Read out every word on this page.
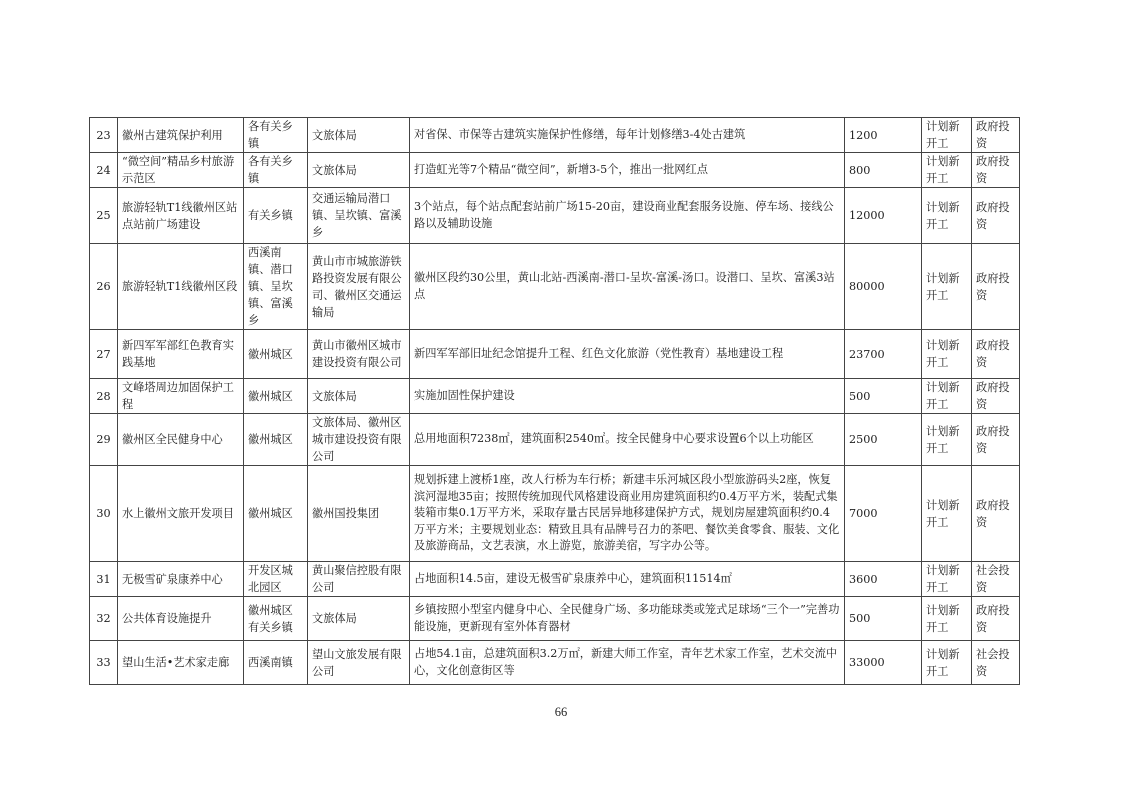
23	徽州古建筑保护利用	各有关乡镇	文旅体局	对省保、市保等古建筑实施保护性修缮，每年计划修缮3-4处古建筑	1200	计划新开工	政府投资
24	“微空间”精品乡村旅游示范区	各有关乡镇	文旅体局	打造虹光等7个精品“微空间”，新增3-5个，推出一批网红点	800	计划新开工	政府投资
25	旅游轻轨T1线徽州区站点站前广场建设	有关乡镇	交通运输局潜口镇、呈坎镇、富溪乡	3个站点，每个站点配套站前广场15-20亩，建设商业配套服务设施、停车场、接线公路以及辅助设施	12000	计划新开工	政府投资
26	旅游轻轨T1线徽州区段	西溪南镇、潜口镇、呈坎镇、富溪乡	黄山市市城旅游铁路投资发展有限公司、徽州区交通运输局	徽州区段约30公里，黄山北站-西溪南-潜口-呈坎-富溪-汤口。设潜口、呈坎、富溪3站点	80000	计划新开工	政府投资
27	新四军军部红色教育实践基地	徽州城区	黄山市徽州区城市建设投资有限公司	新四军军部旧址纪念馆提升工程、红色文化旅游（党性教育）基地建设工程	23700	计划新开工	政府投资
28	文峰塔周边加固保护工程	徽州城区	文旅体局	实施加固性保护建设	500	计划新开工	政府投资
29	徽州区全民健身中心	徽州城区	文旅体局、徽州区城市建设投资有限公司	总用地面积7238㎡，建筑面积2540㎡。按全民健身中心要求设置6个以上功能区	2500	计划新开工	政府投资
30	水上徽州文旅开发项目	徽州城区	徽州国投集团	规划拆建上渡桥1座，改人行桥为车行桥；新建丰乐河城区段小型旅游码头2座，恢复滨河湿地35亩；按照传统加现代风格建设商业用房建筑面积约0.4万平方米，装配式集装箱市集0.1万平方米，采取存量古民居异地移建保护方式，规划房屋建筑面积约0.4万平方米；主要规划业态：精致且具有品牌号召力的茶吧、餐饮美食零食、服装、文化及旅游商品，文艺表演，水上游览，旅游美宿，写字办公等。	7000	计划新开工	政府投资
31	无极雪矿泉康养中心	开发区城北园区	黄山聚信控股有限公司	占地面积14.5亩，建设无极雪矿泉康养中心，建筑面积11514㎡	3600	计划新开工	社会投资
32	公共体育设施提升	徽州城区有关乡镇	文旅体局	乡镇按照小型室内健身中心、全民健身广场、多功能球类或笼式足球场“三个一”完善功能设施，更新现有室外体育器材	500	计划新开工	政府投资
33	望山生活•艺术家走廊	西溪南镇	望山文旅发展有限公司	占地54.1亩，总建筑面积3.2万㎡，新建大师工作室，青年艺术家工作室，艺术交流中心，文化创意街区等	33000	计划新开工	社会投资
66
